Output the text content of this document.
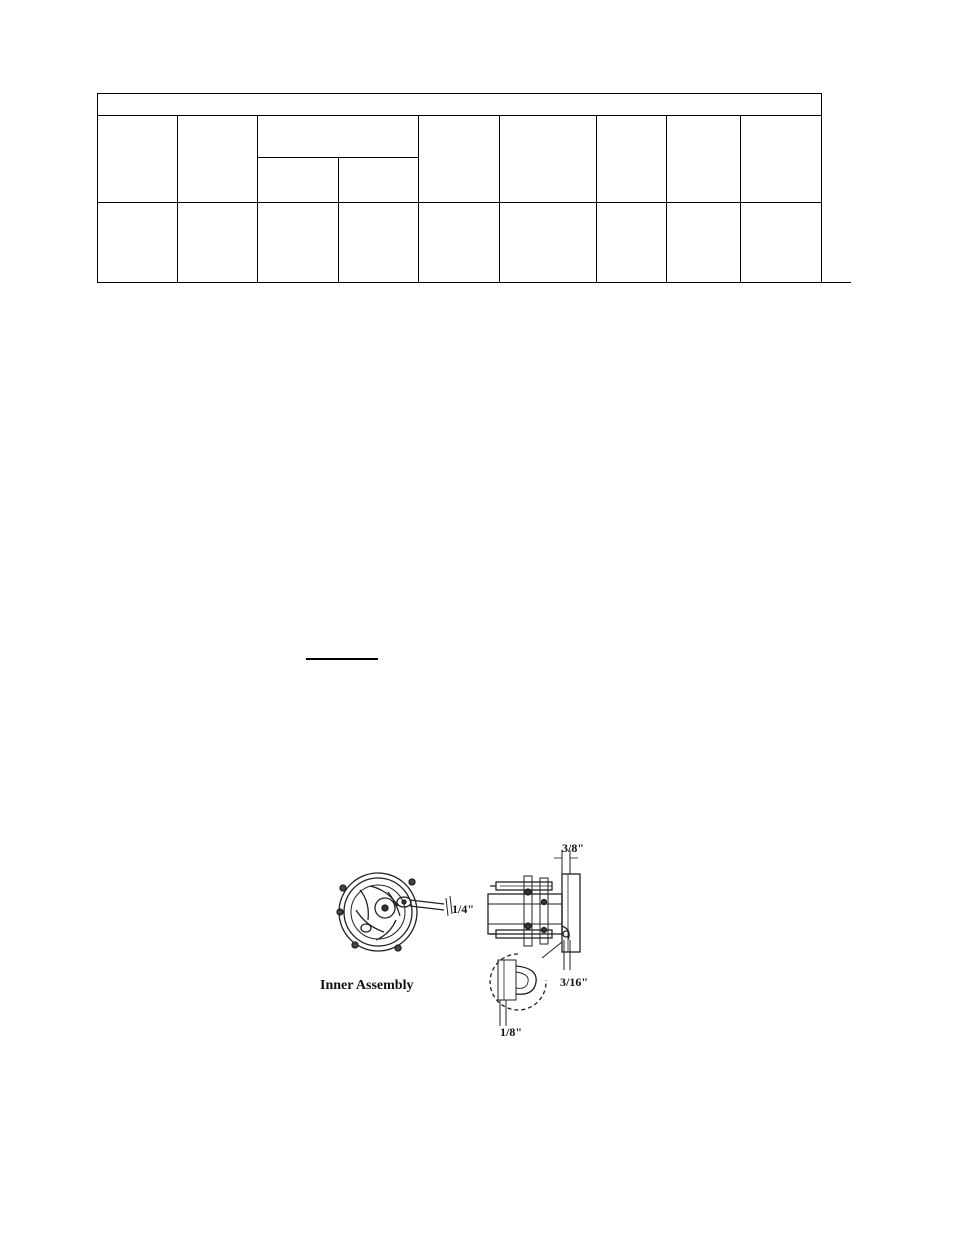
3/8"
1/4"
3/16"
1/8"
Inner Assembly
